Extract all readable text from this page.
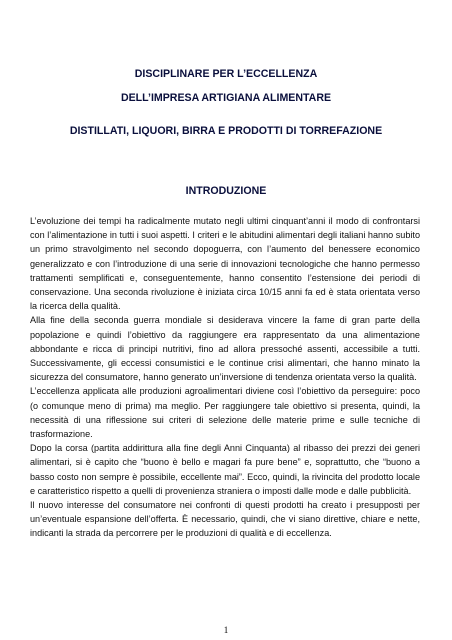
DISCIPLINARE PER L’ECCELLENZA
DELL’IMPRESA ARTIGIANA ALIMENTARE
DISTILLATI, LIQUORI, BIRRA E PRODOTTI DI TORREFAZIONE
INTRODUZIONE

L’evoluzione dei tempi ha radicalmente mutato negli ultimi cinquant’anni il modo di confrontarsi con l’alimentazione in tutti i suoi aspetti. I criteri e le abitudini alimentari degli italiani hanno subito un primo stravolgimento nel secondo dopoguerra, con l’aumento del benessere economico generalizzato e con l’introduzione di una serie di innovazioni tecnologiche che hanno permesso trattamenti semplificati e, conseguentemente, hanno consentito l’estensione dei periodi di conservazione. Una seconda rivoluzione è iniziata circa 10/15 anni fa ed è stata orientata verso la ricerca della qualità.

Alla fine della seconda guerra mondiale si desiderava vincere la fame di gran parte della popolazione e quindi l’obiettivo da raggiungere era rappresentato da una alimentazione abbondante e ricca di principi nutritivi, fino ad allora pressoché assenti, accessibile a tutti. Successivamente, gli eccessi consumistici e le continue crisi alimentari, che hanno minato la sicurezza del consumatore, hanno generato un’inversione di tendenza orientata verso la qualità.

L’eccellenza applicata alle produzioni agroalimentari diviene così l’obiettivo da perseguire: poco (o comunque meno di prima) ma meglio. Per raggiungere tale obiettivo si presenta, quindi, la necessità di una riflessione sui criteri di selezione delle materie prime e sulle tecniche di trasformazione.

Dopo la corsa (partita addirittura alla fine degli Anni Cinquanta) al ribasso dei prezzi dei generi alimentari, si è capito che “buono è bello e magari fa pure bene” e, soprattutto, che “buono a basso costo non sempre è possibile, eccellente mai”. Ecco, quindi, la rivincita del prodotto locale e caratteristico rispetto a quelli di provenienza straniera o imposti dalle mode e dalle pubblicità.

Il nuovo interesse del consumatore nei confronti di questi prodotti ha creato i presupposti per un’eventuale espansione dell’offerta. È necessario, quindi, che vi siano direttive, chiare e nette, indicanti la strada da percorrere per le produzioni di qualità e di eccellenza.

1
